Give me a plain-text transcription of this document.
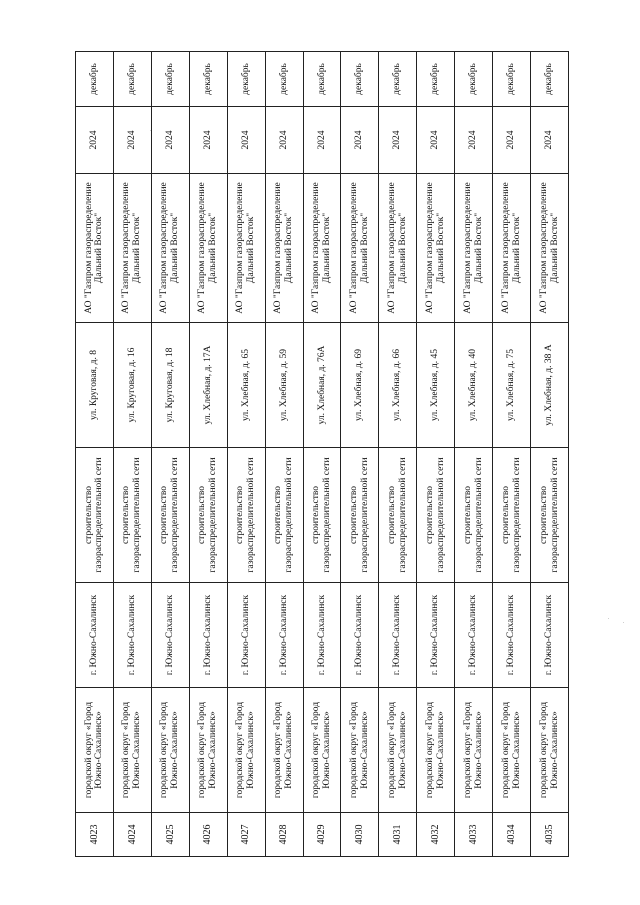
4023	городской округ «Город Южно-Сахалинск»	г. Южно-Сахалинск	строительство газораспределительной сети	ул. Круговая, д. 8	АО "Газпром газораспределение Дальний Восток"	2024	декабрь
4024	городской округ «Город Южно-Сахалинск»	г. Южно-Сахалинск	строительство газораспределительной сети	ул. Круговая, д. 16	АО "Газпром газораспределение Дальний Восток"	2024	декабрь
4025	городской округ «Город Южно-Сахалинск»	г. Южно-Сахалинск	строительство газораспределительной сети	ул. Круговая, д. 18	АО "Газпром газораспределение Дальний Восток"	2024	декабрь
4026	городской округ «Город Южно-Сахалинск»	г. Южно-Сахалинск	строительство газораспределительной сети	ул. Хлебная, д. 17А	АО "Газпром газораспределение Дальний Восток"	2024	декабрь
4027	городской округ «Город Южно-Сахалинск»	г. Южно-Сахалинск	строительство газораспределительной сети	ул. Хлебная, д. 65	АО "Газпром газораспределение Дальний Восток"	2024	декабрь
4028	городской округ «Город Южно-Сахалинск»	г. Южно-Сахалинск	строительство газораспределительной сети	ул. Хлебная, д. 59	АО "Газпром газораспределение Дальний Восток"	2024	декабрь
4029	городской округ «Город Южно-Сахалинск»	г. Южно-Сахалинск	строительство газораспределительной сети	ул. Хлебная, д. 76А	АО "Газпром газораспределение Дальний Восток"	2024	декабрь
4030	городской округ «Город Южно-Сахалинск»	г. Южно-Сахалинск	строительство газораспределительной сети	ул. Хлебная, д. 69	АО "Газпром газораспределение Дальний Восток"	2024	декабрь
4031	городской округ «Город Южно-Сахалинск»	г. Южно-Сахалинск	строительство газораспределительной сети	ул. Хлебная, д. 66	АО "Газпром газораспределение Дальний Восток"	2024	декабрь
4032	городской округ «Город Южно-Сахалинск»	г. Южно-Сахалинск	строительство газораспределительной сети	ул. Хлебная, д. 45	АО "Газпром газораспределение Дальний Восток"	2024	декабрь
4033	городской округ «Город Южно-Сахалинск»	г. Южно-Сахалинск	строительство газораспределительной сети	ул. Хлебная, д. 40	АО "Газпром газораспределение Дальний Восток"	2024	декабрь
4034	городской округ «Город Южно-Сахалинск»	г. Южно-Сахалинск	строительство газораспределительной сети	ул. Хлебная, д. 75	АО "Газпром газораспределение Дальний Восток"	2024	декабрь
4035	городской округ «Город Южно-Сахалинск»	г. Южно-Сахалинск	строительство газораспределительной сети	ул. Хлебная, д. 38 А	АО "Газпром газораспределение Дальний Восток"	2024	декабрь
